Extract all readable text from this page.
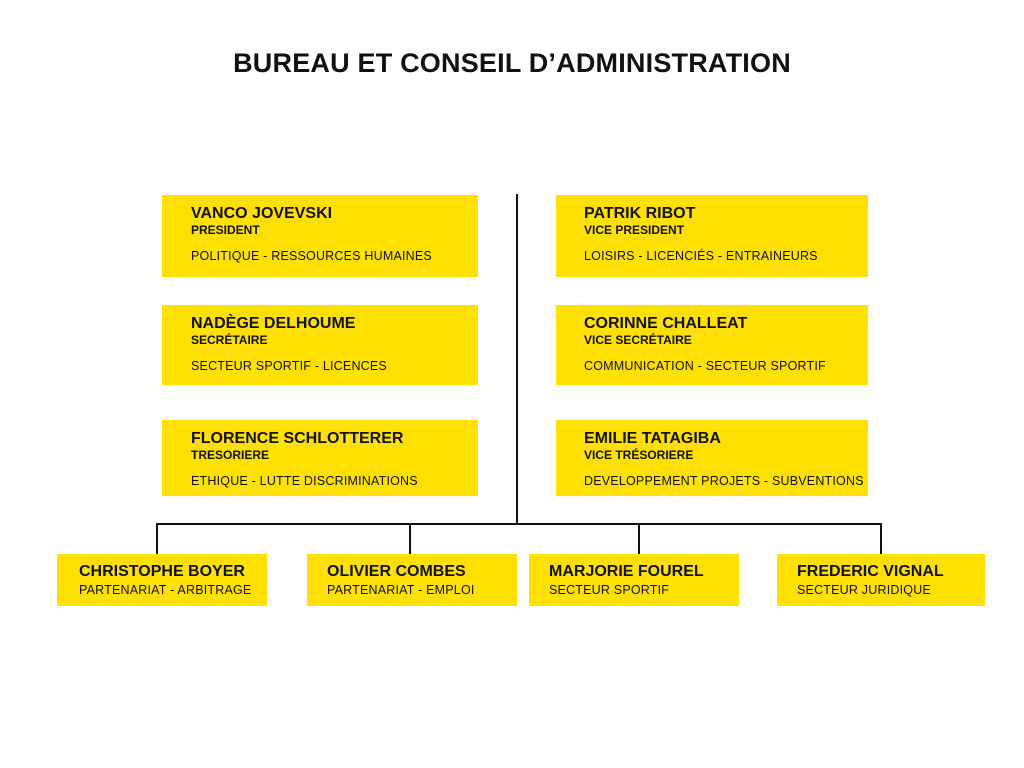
BUREAU ET CONSEIL D’ADMINISTRATION
VANCO JOVEVSKI
PRESIDENT
POLITIQUE - RESSOURCES HUMAINES
NADÈGE DELHOUME
SECRÉTAIRE
SECTEUR SPORTIF - LICENCES
FLORENCE SCHLOTTERER
TRESORIERE
ETHIQUE - LUTTE DISCRIMINATIONS
PATRIK RIBOT
VICE PRESIDENT
LOISIRS - LICENCIÉS - ENTRAINEURS
CORINNE CHALLEAT
VICE SECRÉTAIRE
COMMUNICATION - SECTEUR SPORTIF
EMILIE TATAGIBA
VICE TRÉSORIERE
DEVELOPPEMENT PROJETS - SUBVENTIONS
CHRISTOPHE BOYER
PARTENARIAT - ARBITRAGE
OLIVIER COMBES
PARTENARIAT - EMPLOI
MARJORIE FOUREL
SECTEUR SPORTIF
FREDERIC VIGNAL
SECTEUR JURIDIQUE
